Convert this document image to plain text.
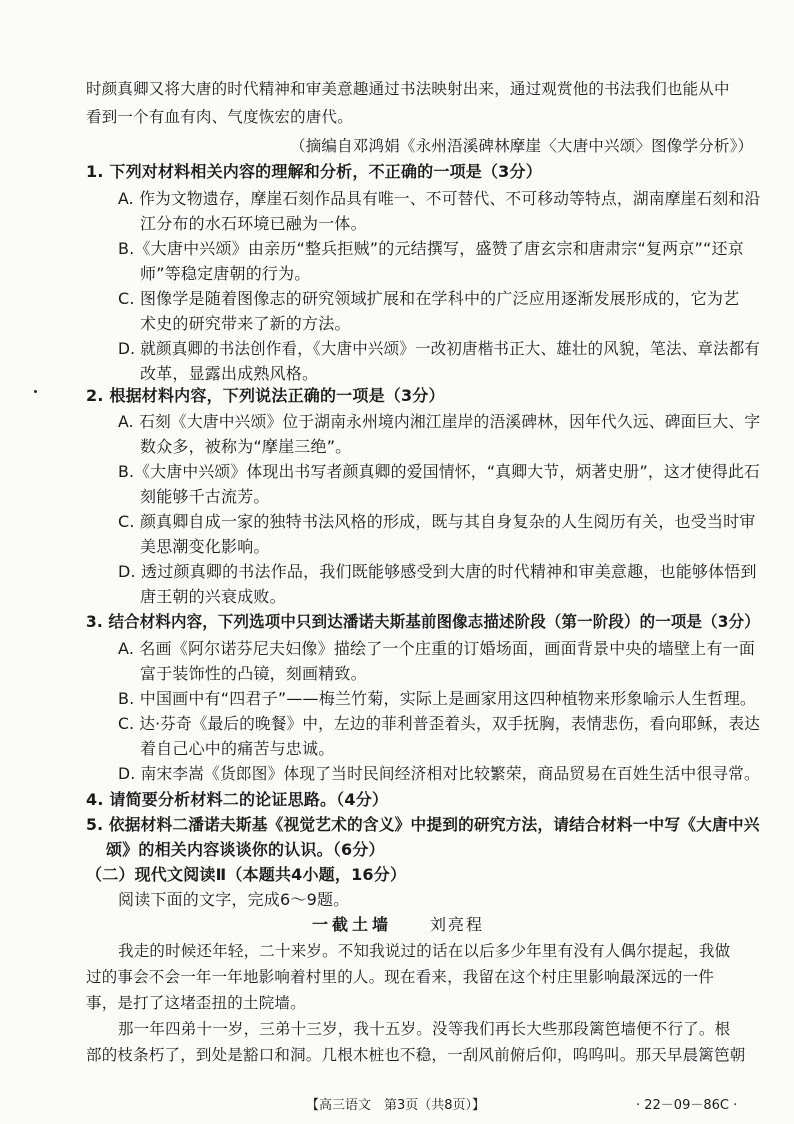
时颜真卿又将大唐的时代精神和审美意趣通过书法映射出来，通过观赏他的书法我们也能从中
看到一个有血有肉、气度恢宏的唐代。
（摘编自邓鸿娟《永州浯溪碑林摩崖〈大唐中兴颂〉图像学分析》）
1. 下列对材料相关内容的理解和分析，不正确的一项是（3分）
A. 作为文物遗存，摩崖石刻作品具有唯一、不可替代、不可移动等特点，湖南摩崖石刻和沿
江分布的水石环境已融为一体。
B.《大唐中兴颂》由亲历“整兵拒贼”的元结撰写，盛赞了唐玄宗和唐肃宗“复两京”“还京
师”等稳定唐朝的行为。
C. 图像学是随着图像志的研究领域扩展和在学科中的广泛应用逐渐发展形成的，它为艺
术史的研究带来了新的方法。
D. 就颜真卿的书法创作看，《大唐中兴颂》一改初唐楷书正大、雄壮的风貌，笔法、章法都有
改革，显露出成熟风格。
2. 根据材料内容，下列说法正确的一项是（3分）
A. 石刻《大唐中兴颂》位于湖南永州境内湘江崖岸的浯溪碑林，因年代久远、碑面巨大、字
数众多，被称为“摩崖三绝”。
B.《大唐中兴颂》体现出书写者颜真卿的爱国情怀，“真卿大节，炳著史册”，这才使得此石
刻能够千古流芳。
C. 颜真卿自成一家的独特书法风格的形成，既与其自身复杂的人生阅历有关，也受当时审
美思潮变化影响。
D. 透过颜真卿的书法作品，我们既能够感受到大唐的时代精神和审美意趣，也能够体悟到
唐王朝的兴衰成败。
3. 结合材料内容，下列选项中只到达潘诺夫斯基前图像志描述阶段（第一阶段）的一项是（3分）
A. 名画《阿尔诺芬尼夫妇像》描绘了一个庄重的订婚场面，画面背景中央的墙壁上有一面
富于装饰性的凸镜，刻画精致。
B. 中国画中有“四君子”——梅兰竹菊，实际上是画家用这四种植物来形象喻示人生哲理。
C. 达·芬奇《最后的晚餐》中，左边的菲利普歪着头，双手抚胸，表情悲伤，看向耶稣，表达
着自己心中的痛苦与忠诚。
D. 南宋李嵩《货郎图》体现了当时民间经济相对比较繁荣，商品贸易在百姓生活中很寻常。
4. 请简要分析材料二的论证思路。（4分）
5. 依据材料二潘诺夫斯基《视觉艺术的含义》中提到的研究方法，请结合材料一中写《大唐中兴
颂》的相关内容谈谈你的认识。（6分）
（二）现代文阅读Ⅱ（本题共4小题，16分）
阅读下面的文字，完成6～9题。
一截土墙 刘亮程
我走的时候还年轻，二十来岁。不知我说过的话在以后多少年里有没有人偶尔提起，我做
过的事会不会一年一年地影响着村里的人。现在看来，我留在这个村庄里影响最深远的一件
事，是打了这堵歪扭的土院墙。
那一年四弟十一岁，三弟十三岁，我十五岁。没等我们再长大些那段篱笆墙便不行了。根
部的枝条朽了，到处是豁口和洞。几根木桩也不稳，一刮风前俯后仰，呜呜叫。那天早晨篱笆朝
【高三语文　第3页（共8页）】	· 22－09－86C ·
